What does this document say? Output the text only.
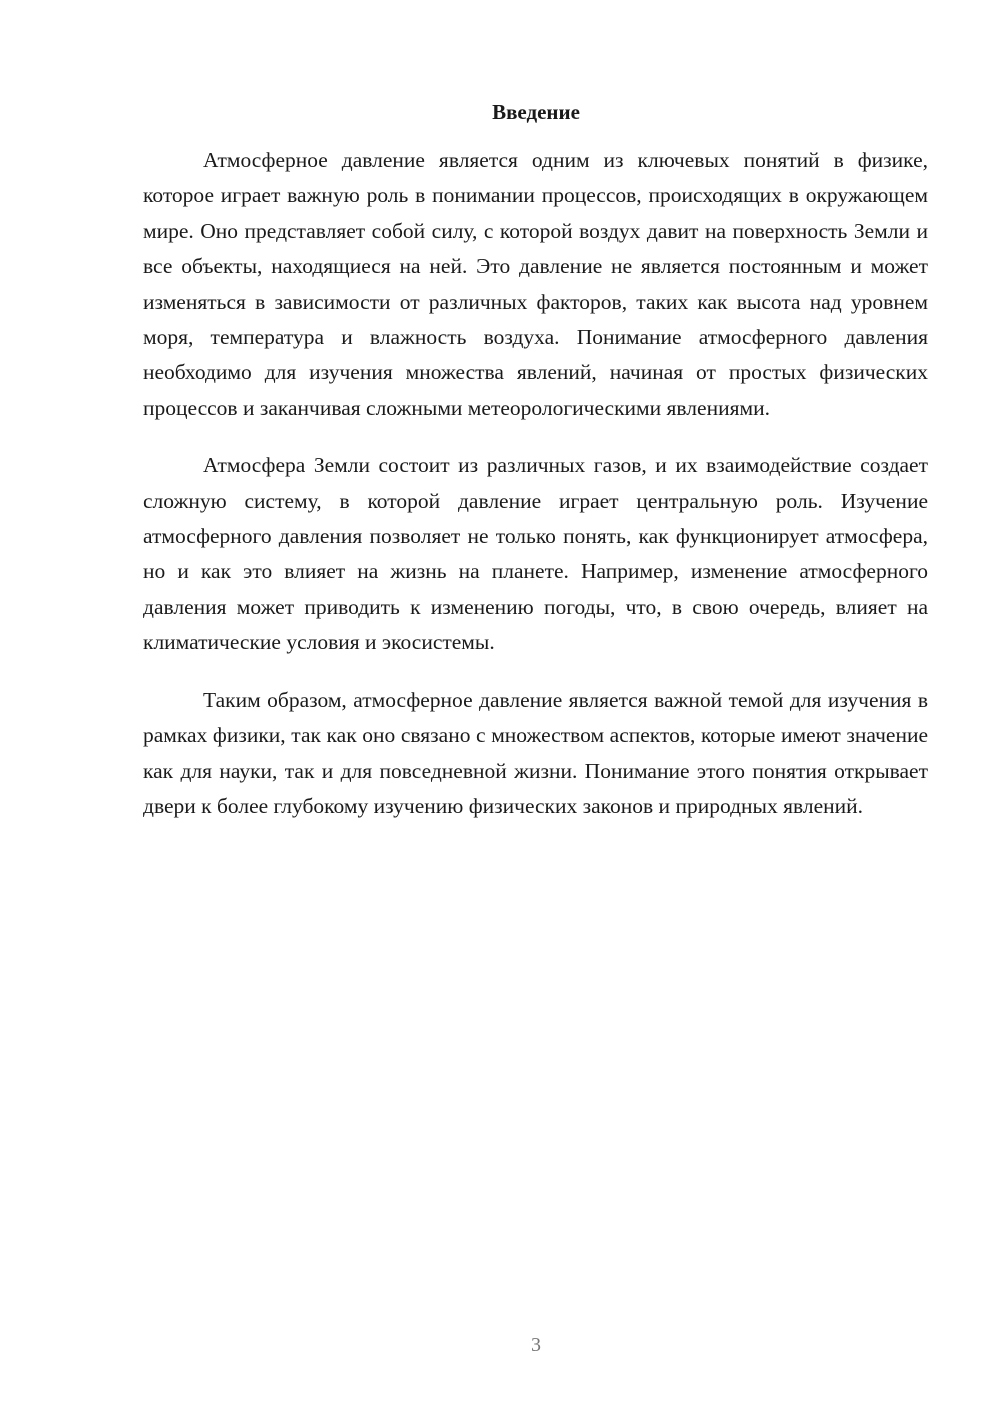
Введение

Атмосферное давление является одним из ключевых понятий в физике, которое играет важную роль в понимании процессов, происходящих в окружающем мире. Оно представляет собой силу, с которой воздух давит на поверхность Земли и все объекты, находящиеся на ней. Это давление не является постоянным и может изменяться в зависимости от различных факторов, таких как высота над уровнем моря, температура и влажность воздуха. Понимание атмосферного давления необходимо для изучения множества явлений, начиная от простых физических процессов и заканчивая сложными метеорологическими явлениями.

Атмосфера Земли состоит из различных газов, и их взаимодействие создает сложную систему, в которой давление играет центральную роль. Изучение атмосферного давления позволяет не только понять, как функционирует атмосфера, но и как это влияет на жизнь на планете. Например, изменение атмосферного давления может приводить к изменению погоды, что, в свою очередь, влияет на климатические условия и экосистемы.

Таким образом, атмосферное давление является важной темой для изучения в рамках физики, так как оно связано с множеством аспектов, которые имеют значение как для науки, так и для повседневной жизни. Понимание этого понятия открывает двери к более глубокому изучению физических законов и природных явлений.

3
